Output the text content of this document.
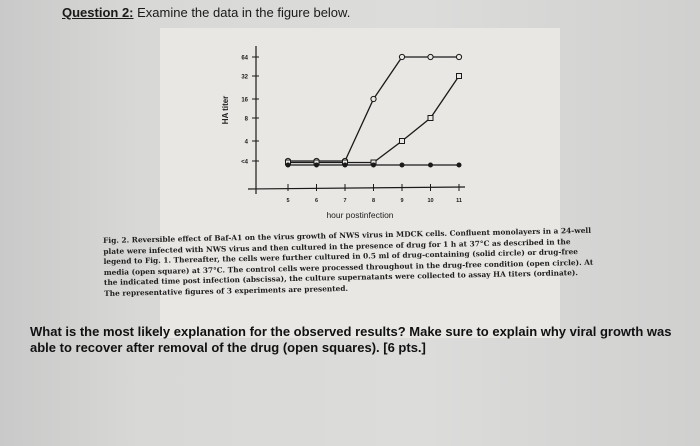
Question 2: Examine the data in the figure below.
<4
4
8
16
32
64
5	6	7	8	9	10	11
HA titer
hour postinfection
Fig. 2. Reversible effect of Baf-A1 on the virus growth of NWS virus in MDCK cells. Confluent monolayers in a 24-well plate were infected with NWS virus and then cultured in the presence of drug for 1 h at 37°C as described in the legend to Fig. 1. Thereafter, the cells were further cultured in 0.5 ml of drug-containing (solid circle) or drug-free media (open square) at 37°C. The control cells were processed throughout in the drug-free condition (open circle). At the indicated time post infection (abscissa), the culture supernatants were collected to assay HA titers (ordinate). The representative figures of 3 experiments are presented.
What is the most likely explanation for the observed results? Make sure to explain why viral growth was able to recover after removal of the drug (open squares). [6 pts.]
